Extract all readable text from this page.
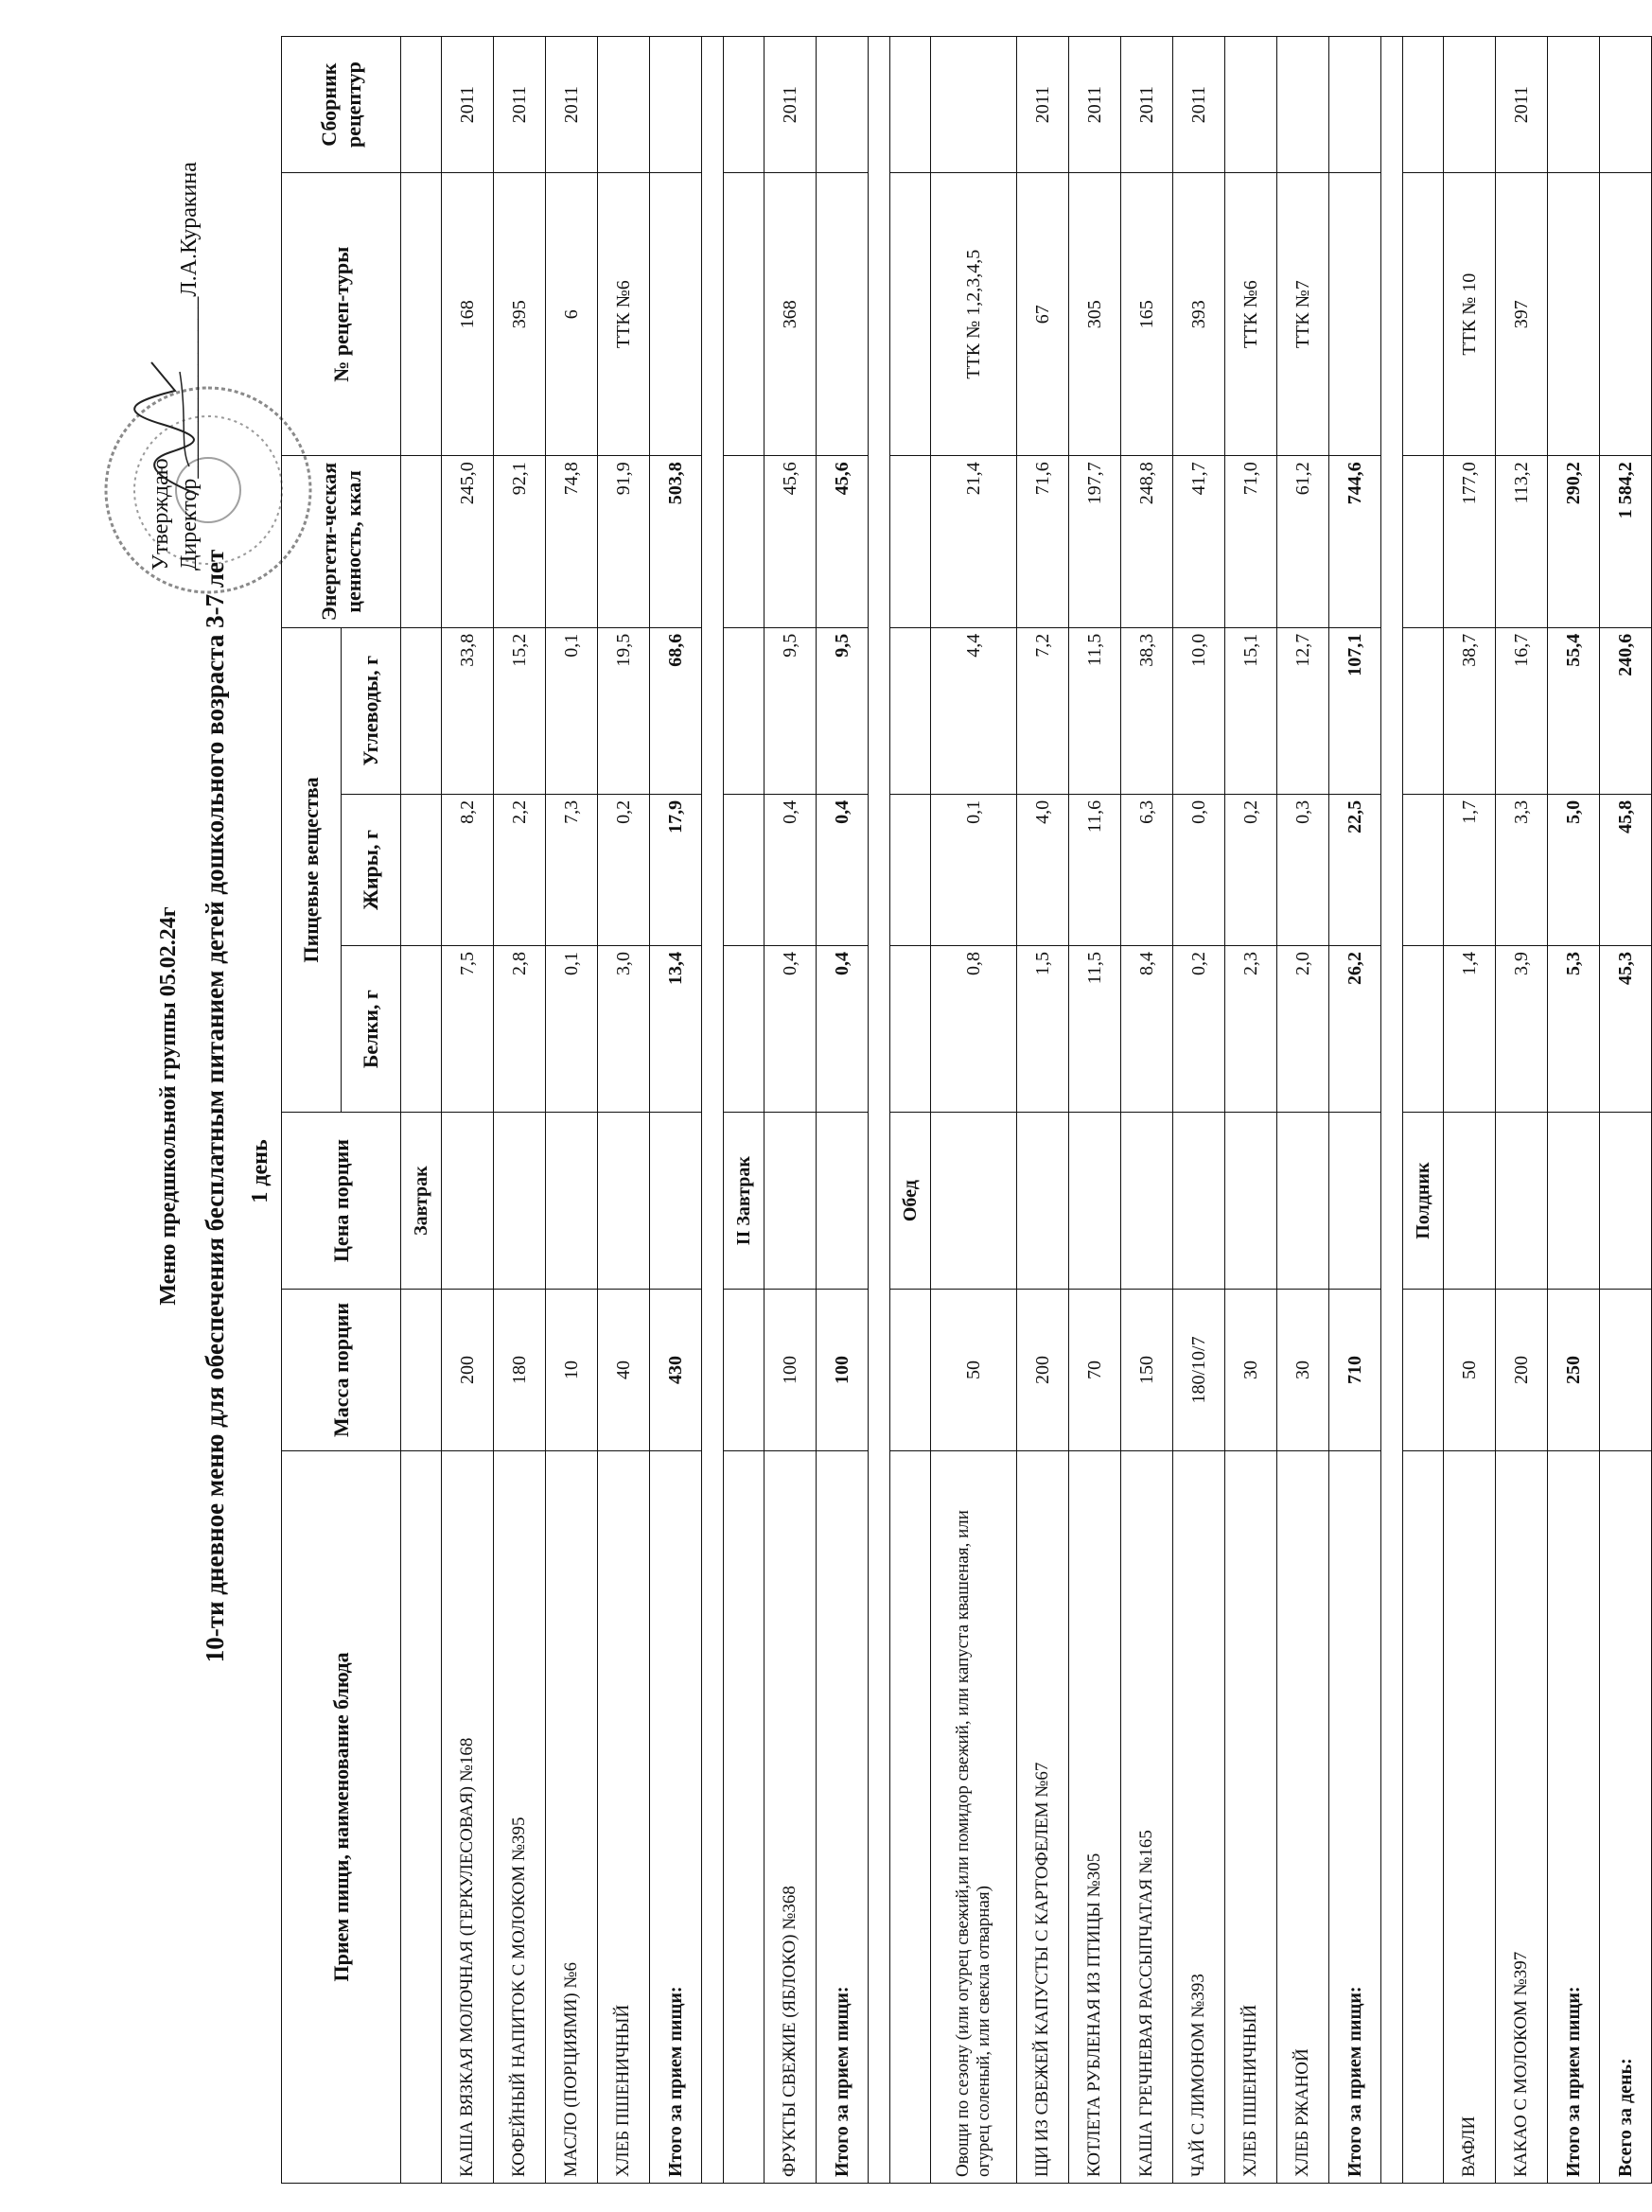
Утверждаю Директор________________Л.А.Куракина
Меню предшкольной группы 05.02.24г 10-ти дневное меню для обеспечения бесплатным питанием детей дошкольного возраста 3-7 лет 1 день
Прием пищи, наименование блюда	Масса порции	Цена порции	Пищевые вещества			Энергети-ческая ценность, ккал	№ рецеп-туры	Сборник рецептур
			Белки, г	Жиры, г	Углеводы, г			
		Завтрак						
КАША ВЯЗКАЯ МОЛОЧНАЯ (ГЕРКУЛЕСОВАЯ) №168	200		7,5	8,2	33,8	245,0	168	2011
КОФЕЙНЫЙ НАПИТОК С МОЛОКОМ №395	180		2,8	2,2	15,2	92,1	395	2011
МАСЛО (ПОРЦИЯМИ) №6	10		0,1	7,3	0,1	74,8	6	2011
ХЛЕБ ПШЕНИЧНЫЙ	40		3,0	0,2	19,5	91,9	ТТК №6	
Итого за прием пищи:	430		13,4	17,9	68,6	503,8		

		II Завтрак						
ФРУКТЫ СВЕЖИЕ (ЯБЛОКО) №368	100		0,4	0,4	9,5	45,6	368	2011
Итого за прием пищи:	100		0,4	0,4	9,5	45,6		

		Обед						
Овощи по сезону (или огурец свежий,или помидор свежий, или капуста квашеная, или огурец соленый, или свекла отварная)	50		0,8	0,1	4,4	21,4	ТТК № 1,2,3,4,5	
ЩИ ИЗ СВЕЖЕЙ КАПУСТЫ С КАРТОФЕЛЕМ №67	200		1,5	4,0	7,2	71,6	67	2011
КОТЛЕТА РУБЛЕНАЯ ИЗ ПТИЦЫ №305	70		11,5	11,6	11,5	197,7	305	2011
КАША ГРЕЧНЕВАЯ РАССЫПЧАТАЯ №165	150		8,4	6,3	38,3	248,8	165	2011
ЧАЙ С ЛИМОНОМ №393	180/10/7		0,2	0,0	10,0	41,7	393	2011
ХЛЕБ ПШЕНИЧНЫЙ	30		2,3	0,2	15,1	71,0	ТТК №6	
ХЛЕБ РЖАНОЙ	30		2,0	0,3	12,7	61,2	ТТК №7	
Итого за прием пищи:	710		26,2	22,5	107,1	744,6		

		Полдник						
ВАФЛИ	50		1,4	1,7	38,7	177,0	ТТК № 10	
КАКАО С МОЛОКОМ №397	200		3,9	3,3	16,7	113,2	397	2011
Итого за прием пищи:	250		5,3	5,0	55,4	290,2		
Всего за день:			45,3	45,8	240,6	1 584,2		
